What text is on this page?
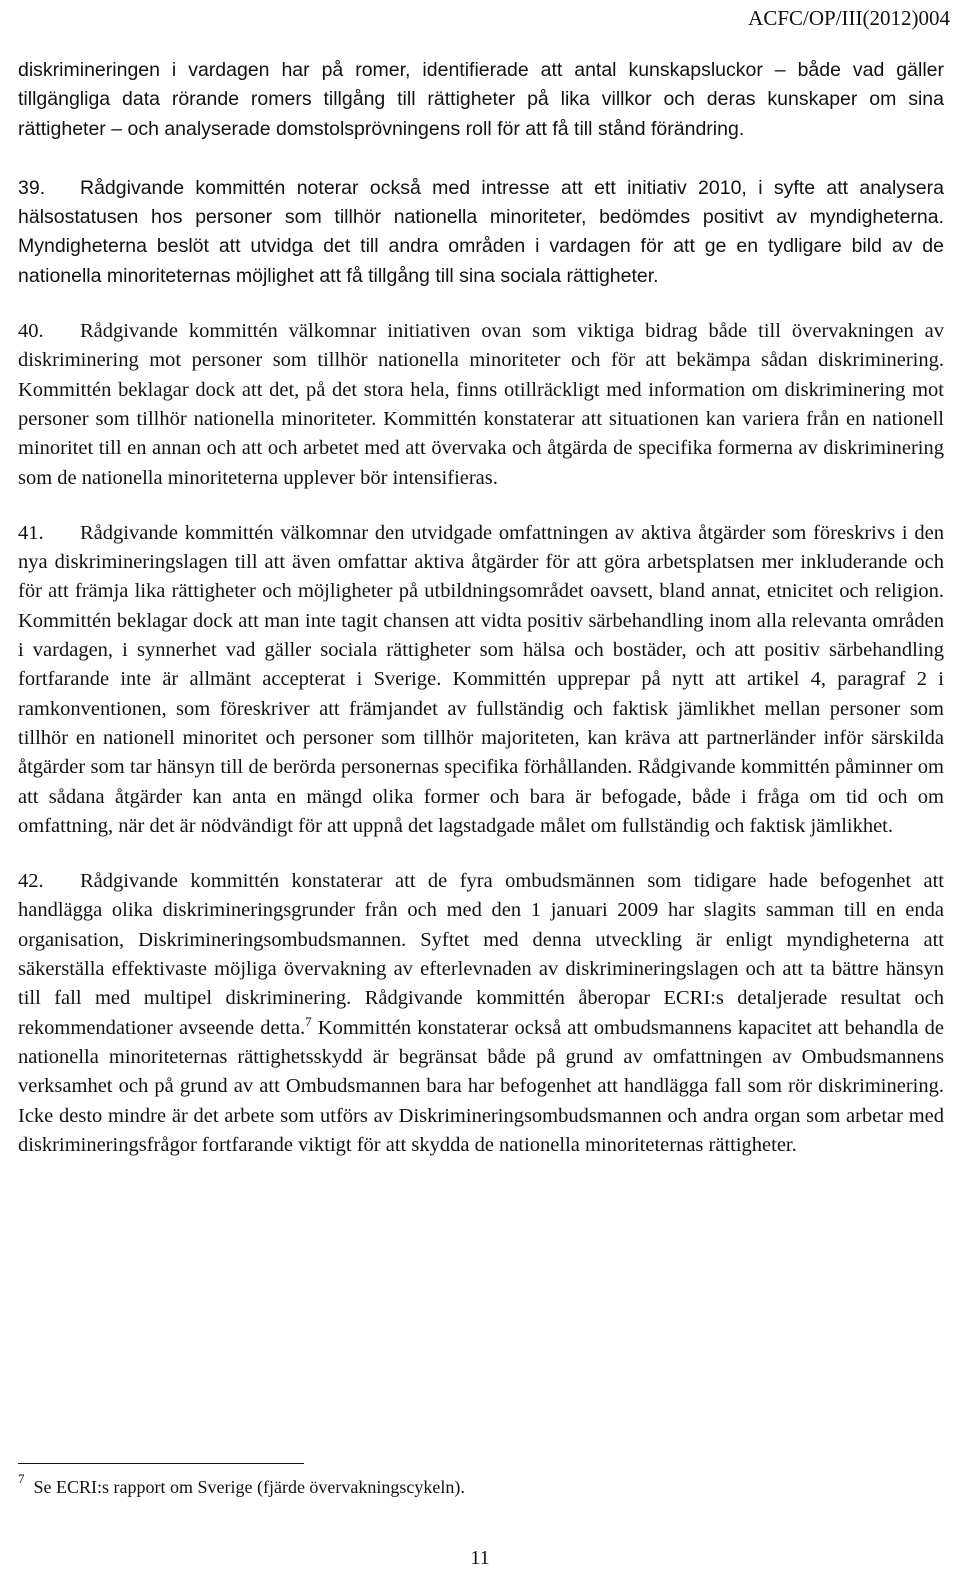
ACFC/OP/III(2012)004

diskrimineringen i vardagen har på romer, identifierade att antal kunskapsluckor – både vad gäller tillgängliga data rörande romers tillgång till rättigheter på lika villkor och deras kunskaper om sina rättigheter – och analyserade domstolsprövningens roll för att få till stånd förändring.

39. Rådgivande kommittén noterar också med intresse att ett initiativ 2010, i syfte att analysera hälsostatusen hos personer som tillhör nationella minoriteter, bedömdes positivt av myndigheterna. Myndigheterna beslöt att utvidga det till andra områden i vardagen för att ge en tydligare bild av de nationella minoriteternas möjlighet att få tillgång till sina sociala rättigheter.

40. Rådgivande kommittén välkomnar initiativen ovan som viktiga bidrag både till övervakningen av diskriminering mot personer som tillhör nationella minoriteter och för att bekämpa sådan diskriminering. Kommittén beklagar dock att det, på det stora hela, finns otillräckligt med information om diskriminering mot personer som tillhör nationella minoriteter. Kommittén konstaterar att situationen kan variera från en nationell minoritet till en annan och att och arbetet med att övervaka och åtgärda de specifika formerna av diskriminering som de nationella minoriteterna upplever bör intensifieras.

41. Rådgivande kommittén välkomnar den utvidgade omfattningen av aktiva åtgärder som föreskrivs i den nya diskrimineringslagen till att även omfattar aktiva åtgärder för att göra arbetsplatsen mer inkluderande och för att främja lika rättigheter och möjligheter på utbildningsområdet oavsett, bland annat, etnicitet och religion. Kommittén beklagar dock att man inte tagit chansen att vidta positiv särbehandling inom alla relevanta områden i vardagen, i synnerhet vad gäller sociala rättigheter som hälsa och bostäder, och att positiv särbehandling fortfarande inte är allmänt accepterat i Sverige. Kommittén upprepar på nytt att artikel 4, paragraf 2 i ramkonventionen, som föreskriver att främjandet av fullständig och faktisk jämlikhet mellan personer som tillhör en nationell minoritet och personer som tillhör majoriteten, kan kräva att partnerländer inför särskilda åtgärder som tar hänsyn till de berörda personernas specifika förhållanden. Rådgivande kommittén påminner om att sådana åtgärder kan anta en mängd olika former och bara är befogade, både i fråga om tid och om omfattning, när det är nödvändigt för att uppnå det lagstadgade målet om fullständig och faktisk jämlikhet.

42. Rådgivande kommittén konstaterar att de fyra ombudsmännen som tidigare hade befogenhet att handlägga olika diskrimineringsgrunder från och med den 1 januari 2009 har slagits samman till en enda organisation, Diskrimineringsombudsmannen. Syftet med denna utveckling är enligt myndigheterna att säkerställa effektivaste möjliga övervakning av efterlevnaden av diskrimineringslagen och att ta bättre hänsyn till fall med multipel diskriminering. Rådgivande kommittén åberopar ECRI:s detaljerade resultat och rekommendationer avseende detta.$^7$ Kommittén konstaterar också att ombudsmannens kapacitet att behandla de nationella minoriteternas rättighetsskydd är begränsat både på grund av omfattningen av Ombudsmannens verksamhet och på grund av att Ombudsmannen bara har befogenhet att handlägga fall som rör diskriminering. Icke desto mindre är det arbete som utförs av Diskrimineringsombudsmannen och andra organ som arbetar med diskrimineringsfrågor fortfarande viktigt för att skydda de nationella minoriteternas rättigheter.

$^7$ Se ECRI:s rapport om Sverige (fjärde övervakningscykeln).
11
